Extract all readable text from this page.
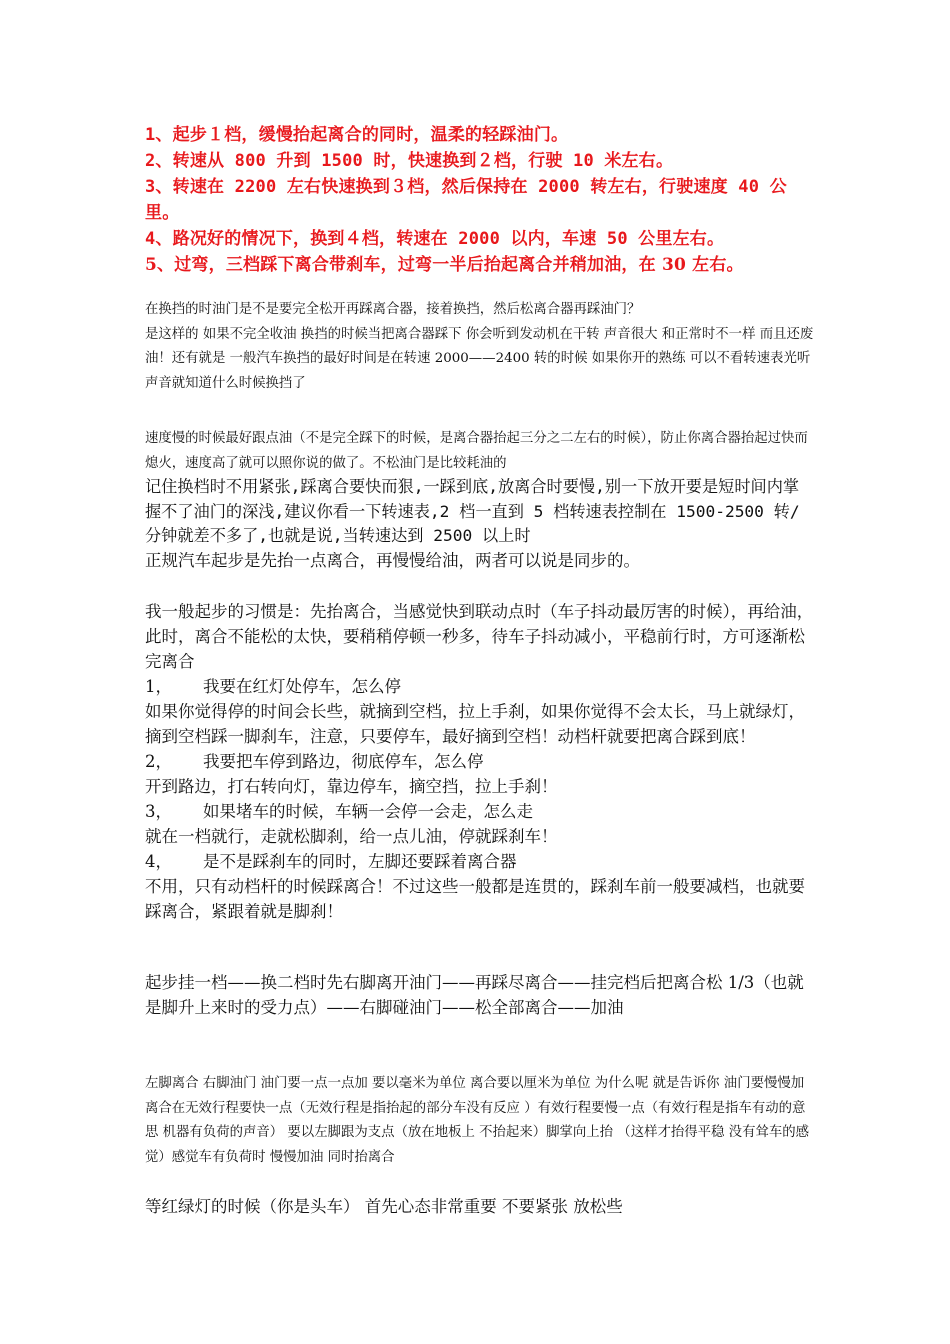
1、起步１档，缓慢抬起离合的同时，温柔的轻踩油门。

2、转速从 800 升到 1500 时，快速换到２档，行驶 10 米左右。

3、转速在 2200 左右快速换到３档，然后保持在 2000 转左右，行驶速度 40 公里。

4、路况好的情况下，换到４档，转速在 2000 以内，车速 50 公里左右。

5、过弯，三档踩下离合带刹车，过弯一半后抬起离合并稍加油，在 30 左右。

在换挡的时油门是不是要完全松开再踩离合器，接着换挡，然后松离合器再踩油门？

是这样的 如果不完全收油 换挡的时候当把离合器踩下 你会听到发动机在干转 声音很大 和正常时不一样 而且还废油！还有就是 一般汽车换挡的最好时间是在转速 2000——2400 转的时候 如果你开的熟练 可以不看转速表光听声音就知道什么时候换挡了

速度慢的时候最好跟点油（不是完全踩下的时候，是离合器抬起三分之二左右的时候），防止你离合器抬起过快而熄火，速度高了就可以照你说的做了。不松油门是比较耗油的

记住换档时不用紧张,踩离合要快而狠,一踩到底,放离合时要慢,别一下放开要是短时间内掌握不了油门的深浅,建议你看一下转速表,2 档一直到 5 档转速表控制在 1500-2500 转/分钟就差不多了,也就是说,当转速达到 2500 以上时

正规汽车起步是先抬一点离合，再慢慢给油，两者可以说是同步的。

我一般起步的习惯是：先抬离合，当感觉快到联动点时（车子抖动最厉害的时候），再给油，此时，离合不能松的太快，要稍稍停顿一秒多，待车子抖动减小，平稳前行时，方可逐渐松完离合

1， 我要在红灯处停车，怎么停

如果你觉得停的时间会长些，就摘到空档，拉上手刹，如果你觉得不会太长，马上就绿灯，摘到空档踩一脚刹车，注意，只要停车，最好摘到空档！动档杆就要把离合踩到底！

2， 我要把车停到路边，彻底停车，怎么停

开到路边，打右转向灯，靠边停车，摘空挡，拉上手刹！

3， 如果堵车的时候，车辆一会停一会走，怎么走

就在一档就行，走就松脚刹，给一点儿油，停就踩刹车！

4， 是不是踩刹车的同时，左脚还要踩着离合器

不用，只有动档杆的时候踩离合！不过这些一般都是连贯的，踩刹车前一般要减档，也就要踩离合，紧跟着就是脚刹！

起步挂一档——换二档时先右脚离开油门——再踩尽离合——挂完档后把离合松 1/3（也就是脚升上来时的受力点）——右脚碰油门——松全部离合——加油

左脚离合 右脚油门 油门要一点一点加 要以毫米为单位 离合要以厘米为单位 为什么呢 就是告诉你 油门要慢慢加 离合在无效行程要快一点（无效行程是指抬起的部分车没有反应 ）有效行程要慢一点（有效行程是指车有动的意思 机器有负荷的声音） 要以左脚跟为支点（放在地板上 不抬起来）脚掌向上抬 （这样才抬得平稳 没有耸车的感觉）感觉车有负荷时 慢慢加油 同时抬离合

等红绿灯的时候（你是头车） 首先心态非常重要 不要紧张 放松些
